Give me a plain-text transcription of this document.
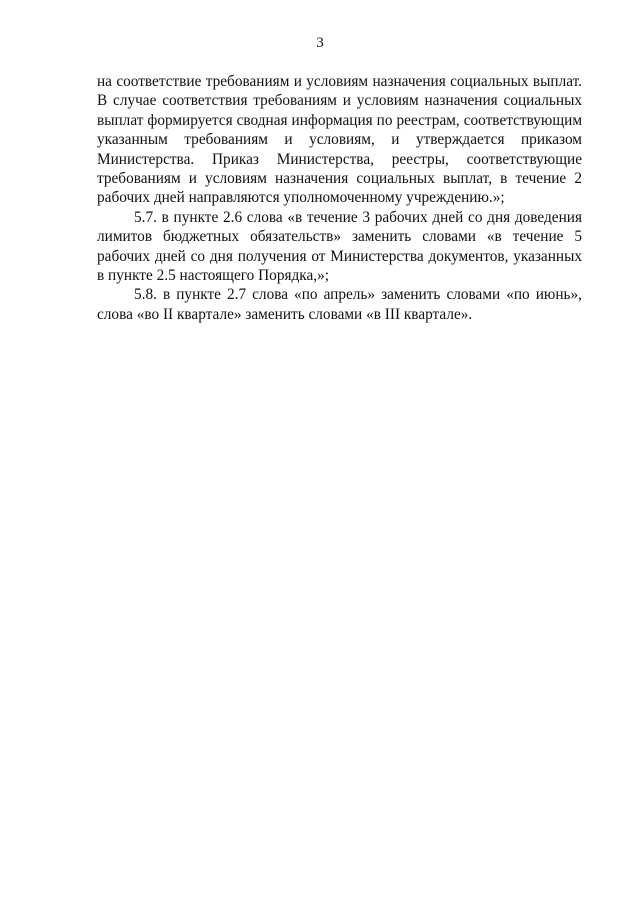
3

на соответствие требованиям и условиям назначения социальных выплат. В случае соответствия требованиям и условиям назначения социальных выплат формируется сводная информация по реестрам, соответствующим указанным требованиям и условиям, и утверждается приказом Министерства. Приказ Министерства, реестры, соответствующие требованиям и условиям назначения социальных выплат, в течение 2 рабочих дней направляются уполномоченному учреждению.»;

5.7. в пункте 2.6 слова «в течение 3 рабочих дней со дня доведения лимитов бюджетных обязательств» заменить словами «в течение 5 рабочих дней со дня получения от Министерства документов, указанных в пункте 2.5 настоящего Порядка,»;

5.8. в пункте 2.7 слова «по апрель» заменить словами «по июнь», слова «во II квартале» заменить словами «в III квартале».
